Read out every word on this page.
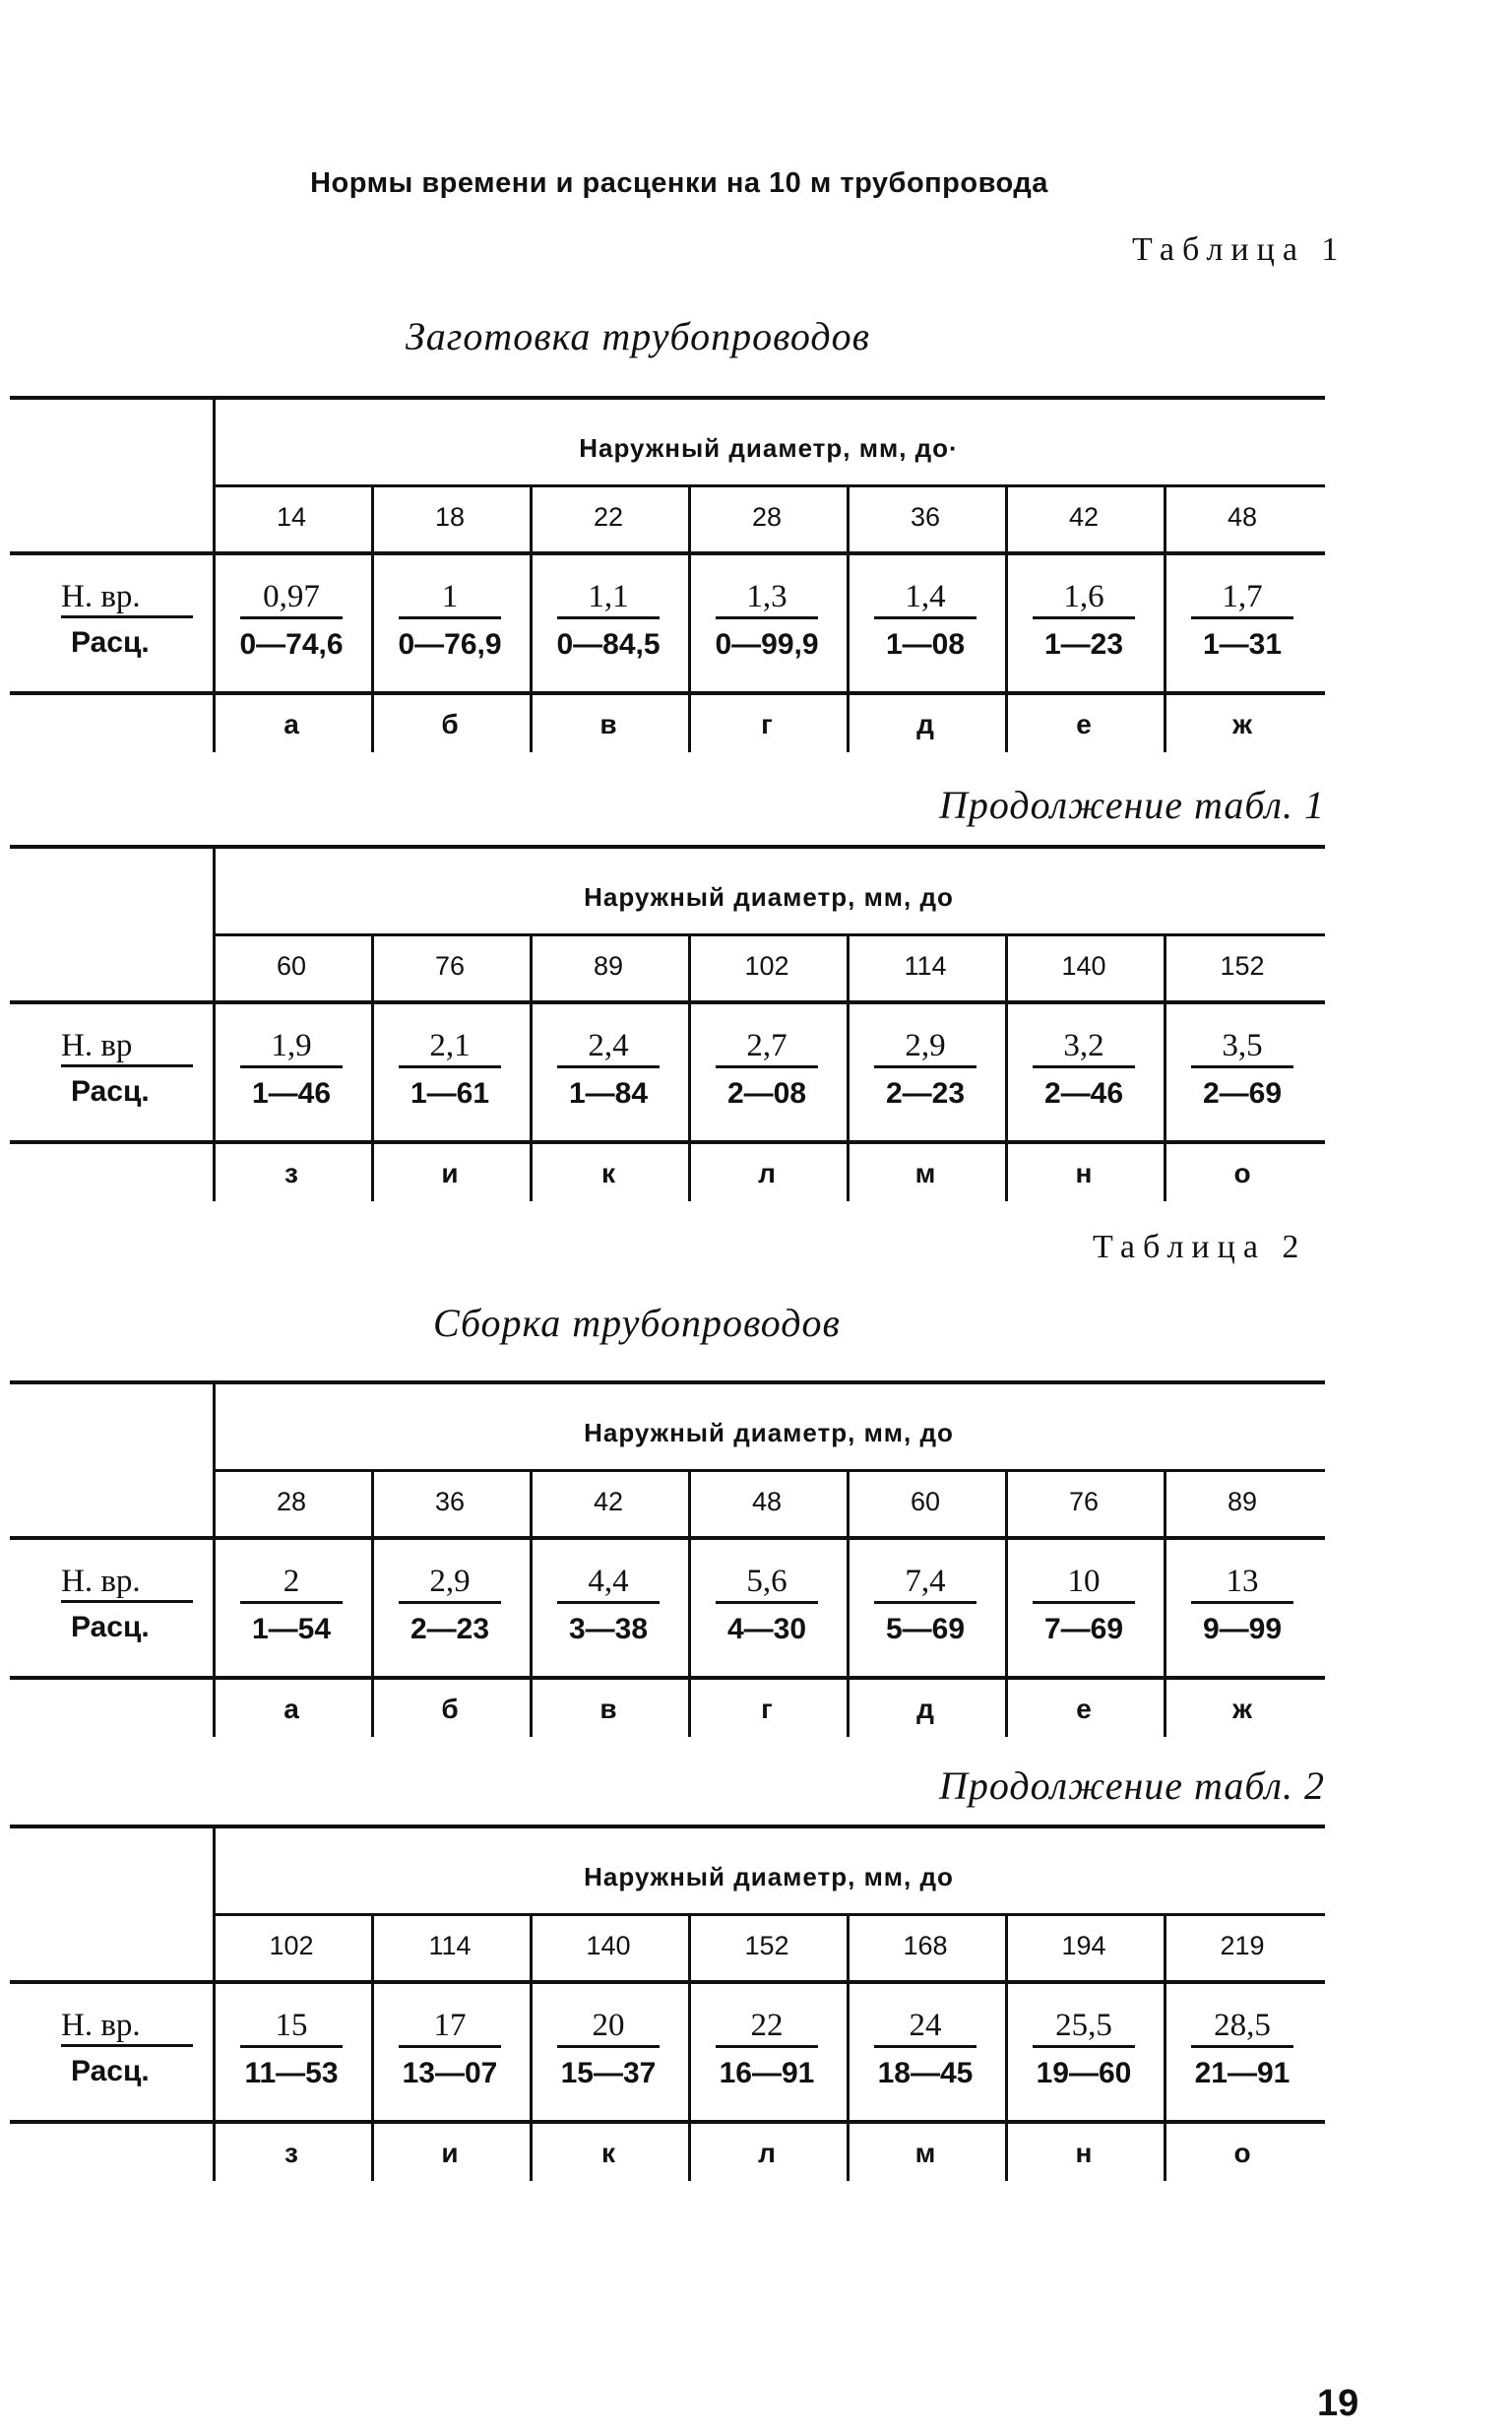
Нормы времени и расценки на 10 м трубопровода
Таблица 1
Заготовка трубопроводов
Продолжение табл. 1
Таблица 2
Сборка трубопроводов
Продолжение табл. 2
Наружный диаметр, мм, до·
Н. вр.
Расц.
14
0,97
0—74,6
а
18
1
0—76,9
б
22
1,1
0—84,5
в
28
1,3
0—99,9
г
36
1,4
1—08
д
42
1,6
1—23
е
48
1,7
1—31
ж
Наружный диаметр, мм, до
Н. вр
Расц.
60
1,9
1—46
з
76
2,1
1—61
и
89
2,4
1—84
к
102
2,7
2—08
л
114
2,9
2—23
м
140
3,2
2—46
н
152
3,5
2—69
о
Наружный диаметр, мм, до
Н. вр.
Расц.
28
2
1—54
а
36
2,9
2—23
б
42
4,4
3—38
в
48
5,6
4—30
г
60
7,4
5—69
д
76
10
7—69
е
89
13
9—99
ж
Наружный диаметр, мм, до
Н. вр.
Расц.
102
15
11—53
з
114
17
13—07
и
140
20
15—37
к
152
22
16—91
л
168
24
18—45
м
194
25,5
19—60
н
219
28,5
21—91
о
19
